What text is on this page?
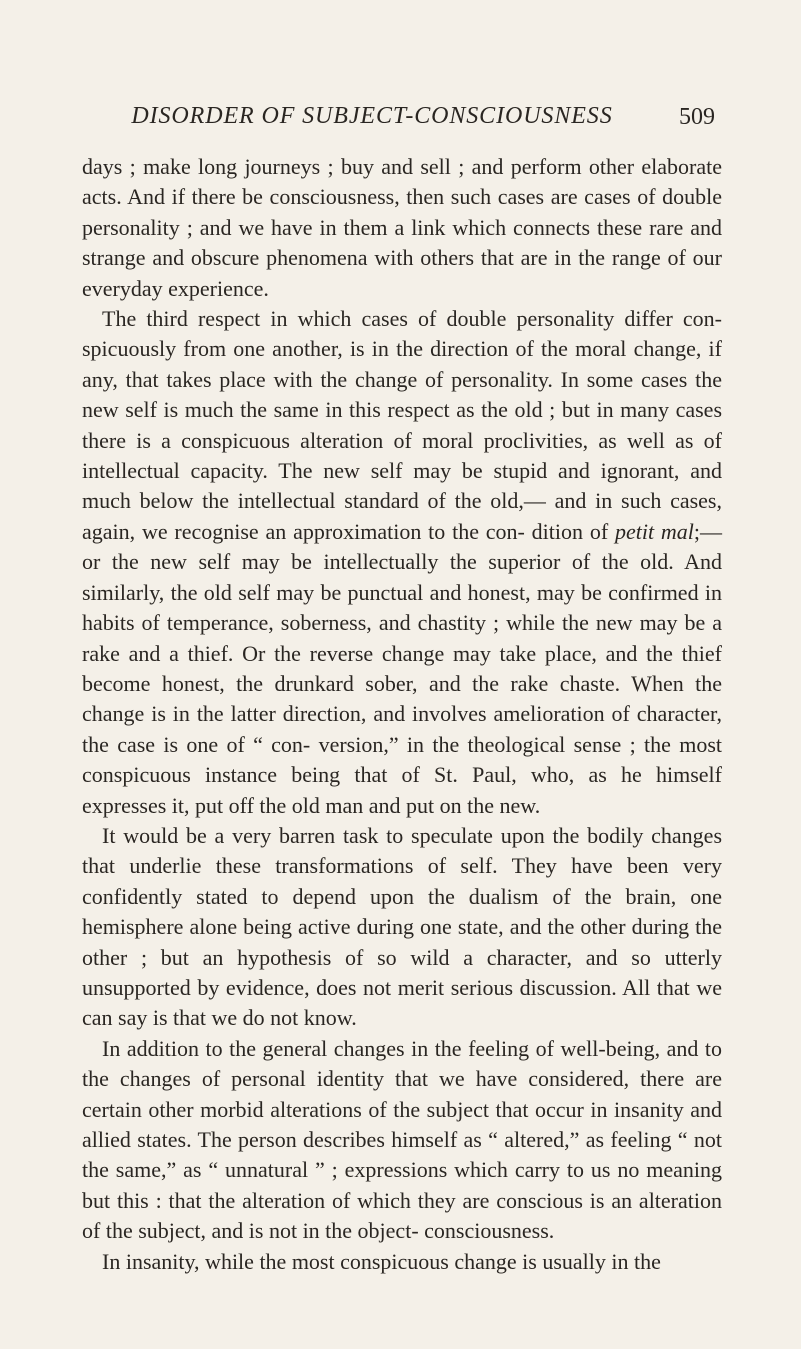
DISORDER OF SUBJECT-CONSCIOUSNESS	509

days ; make long journeys ; buy and sell ; and perform other elaborate acts. And if there be consciousness, then such cases are cases of double personality ; and we have in them a link which connects these rare and strange and obscure phenomena with others that are in the range of our everyday experience.

The third respect in which cases of double personality differ con- spicuously from one another, is in the direction of the moral change, if any, that takes place with the change of personality. In some cases the new self is much the same in this respect as the old ; but in many cases there is a conspicuous alteration of moral proclivities, as well as of intellectual capacity. The new self may be stupid and ignorant, and much below the intellectual standard of the old,— and in such cases, again, we recognise an approximation to the con- dition of petit mal;—or the new self may be intellectually the superior of the old. And similarly, the old self may be punctual and honest, may be confirmed in habits of temperance, soberness, and chastity ; while the new may be a rake and a thief. Or the reverse change may take place, and the thief become honest, the drunkard sober, and the rake chaste. When the change is in the latter direction, and involves amelioration of character, the case is one of “ con- version,” in the theological sense ; the most conspicuous instance being that of St. Paul, who, as he himself expresses it, put off the old man and put on the new.

It would be a very barren task to speculate upon the bodily changes that underlie these transformations of self. They have been very confidently stated to depend upon the dualism of the brain, one hemisphere alone being active during one state, and the other during the other ; but an hypothesis of so wild a character, and so utterly unsupported by evidence, does not merit serious discussion. All that we can say is that we do not know.

In addition to the general changes in the feeling of well-being, and to the changes of personal identity that we have considered, there are certain other morbid alterations of the subject that occur in insanity and allied states. The person describes himself as “ altered,” as feeling “ not the same,” as “ unnatural ” ; expressions which carry to us no meaning but this : that the alteration of which they are conscious is an alteration of the subject, and is not in the object- consciousness.

In insanity, while the most conspicuous change is usually in the
